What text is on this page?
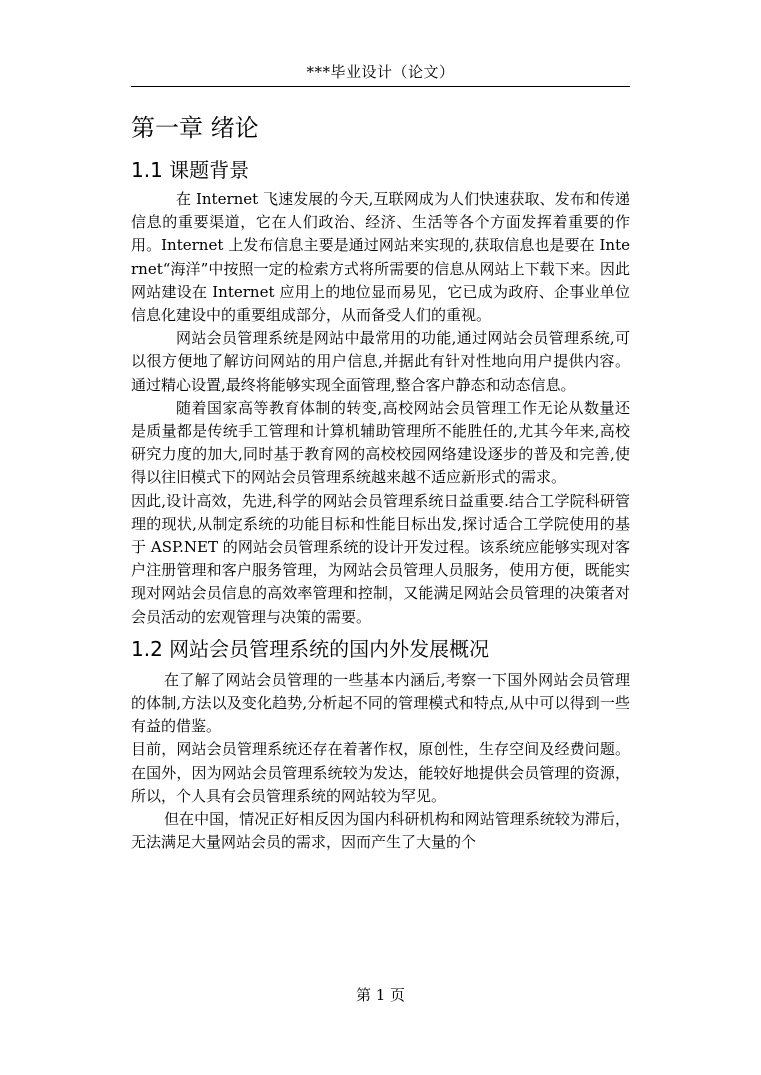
***毕业设计（论文）
第一章 绪论
1.1 课题背景

在 Internet 飞速发展的今天,互联网成为人们快速获取、发布和传递信息的重要渠道，它在人们政治、经济、生活等各个方面发挥着重要的作用。Internet 上发布信息主要是通过网站来实现的,获取信息也是要在 Internet“海洋”中按照一定的检索方式将所需要的信息从网站上下载下来。因此网站建设在 Internet 应用上的地位显而易见，它已成为政府、企事业单位信息化建设中的重要组成部分，从而备受人们的重视。

网站会员管理系统是网站中最常用的功能,通过网站会员管理系统,可以很方便地了解访问网站的用户信息,并据此有针对性地向用户提供内容。通过精心设置,最终将能够实现全面管理,整合客户静态和动态信息。

随着国家高等教育体制的转变,高校网站会员管理工作无论从数量还是质量都是传统手工管理和计算机辅助管理所不能胜任的,尤其今年来,高校研究力度的加大,同时基于教育网的高校校园网络建设逐步的普及和完善,使得以往旧模式下的网站会员管理系统越来越不适应新形式的需求。

因此,设计高效，先进,科学的网站会员管理系统日益重要.结合工学院科研管理的现状,从制定系统的功能目标和性能目标出发,探讨适合工学院使用的基于 ASP.NET 的网站会员管理系统的设计开发过程。该系统应能够实现对客户注册管理和客户服务管理，为网站会员管理人员服务，使用方便，既能实现对网站会员信息的高效率管理和控制，又能满足网站会员管理的决策者对会员活动的宏观管理与决策的需要。

1.2 网站会员管理系统的国内外发展概况

在了解了网站会员管理的一些基本内涵后,考察一下国外网站会员管理的体制,方法以及变化趋势,分析起不同的管理模式和特点,从中可以得到一些有益的借鉴。

目前，网站会员管理系统还存在着著作权，原创性，生存空间及经费问题。在国外，因为网站会员管理系统较为发达，能较好地提供会员管理的资源，所以，个人具有会员管理系统的网站较为罕见。

但在中国，情况正好相反因为国内科研机构和网站管理系统较为滞后，无法满足大量网站会员的需求，因而产生了大量的个

第 1 页
